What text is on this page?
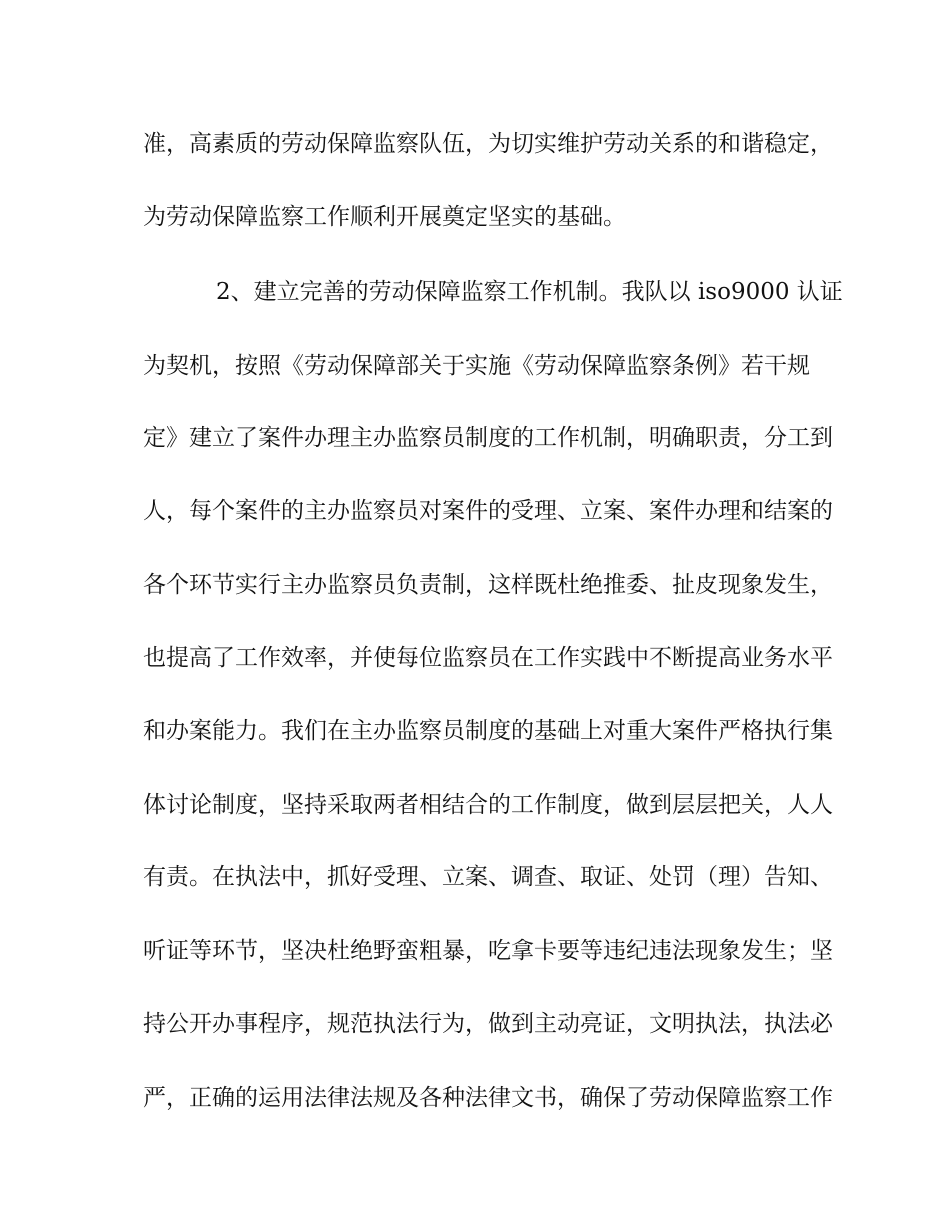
准，高素质的劳动保障监察队伍，为切实维护劳动关系的和谐稳定，

为劳动保障监察工作顺利开展奠定坚实的基础。

2、建立完善的劳动保障监察工作机制。我队以 iso9000 认证

为契机，按照《劳动保障部关于实施《劳动保障监察条例》若干规

定》建立了案件办理主办监察员制度的工作机制，明确职责，分工到

人，每个案件的主办监察员对案件的受理、立案、案件办理和结案的

各个环节实行主办监察员负责制，这样既杜绝推委、扯皮现象发生，

也提高了工作效率，并使每位监察员在工作实践中不断提高业务水平

和办案能力。我们在主办监察员制度的基础上对重大案件严格执行集

体讨论制度，坚持采取两者相结合的工作制度，做到层层把关，人人

有责。在执法中，抓好受理、立案、调查、取证、处罚（理）告知、

听证等环节，坚决杜绝野蛮粗暴，吃拿卡要等违纪违法现象发生；坚

持公开办事程序，规范执法行为，做到主动亮证，文明执法，执法必

严，正确的运用法律法规及各种法律文书，确保了劳动保障监察工作
